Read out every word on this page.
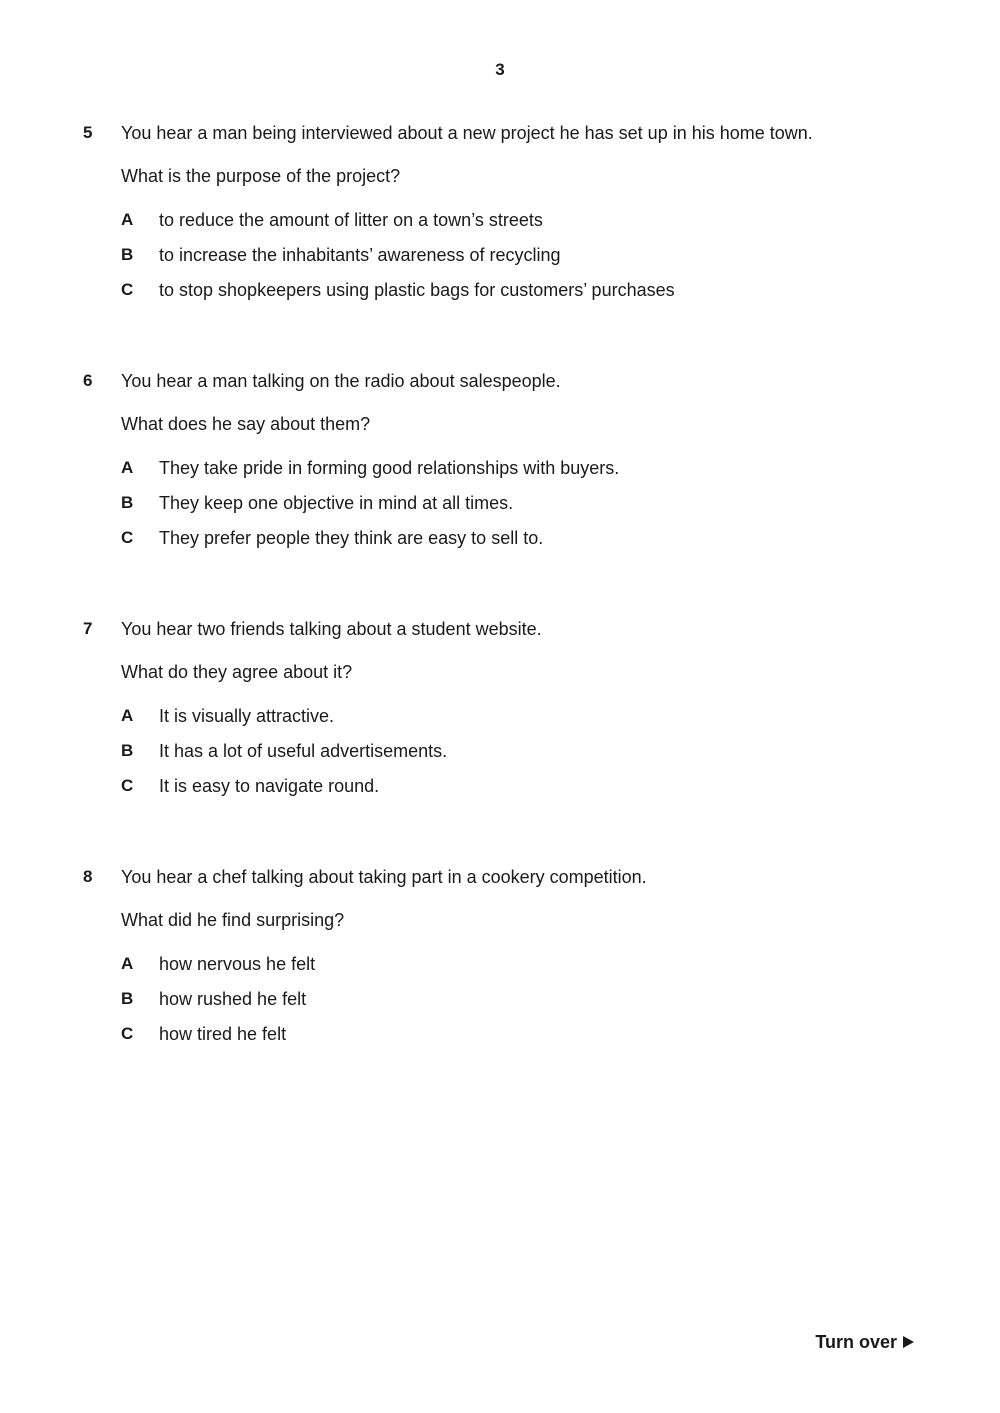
3
5 You hear a man being interviewed about a new project he has set up in his home town.
What is the purpose of the project?
A to reduce the amount of litter on a town’s streets
B to increase the inhabitants’ awareness of recycling
C to stop shopkeepers using plastic bags for customers’ purchases
6 You hear a man talking on the radio about salespeople.
What does he say about them?
A They take pride in forming good relationships with buyers.
B They keep one objective in mind at all times.
C They prefer people they think are easy to sell to.
7 You hear two friends talking about a student website.
What do they agree about it?
A It is visually attractive.
B It has a lot of useful advertisements.
C It is easy to navigate round.
8 You hear a chef talking about taking part in a cookery competition.
What did he find surprising?
A how nervous he felt
B how rushed he felt
C how tired he felt
Turn over
